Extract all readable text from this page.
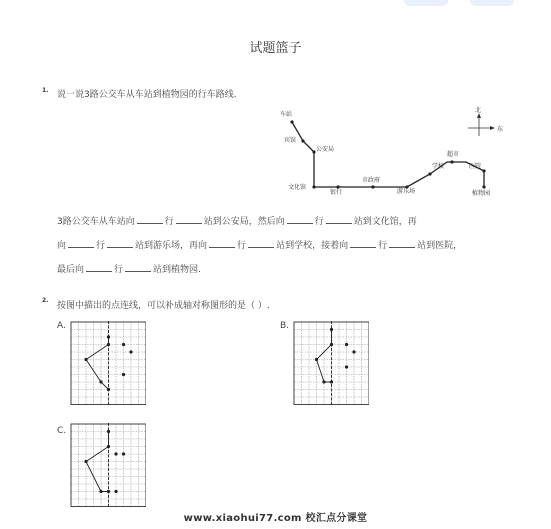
试题篮子
1. 说一说3路公交车从车站到植物园的行车路线.
北
东
车站
宾馆
公安局
文化馆
银行
市政府
游乐场
学校
超市
医院
植物园
3路公交车从车站向	行	站到公安局，然后向	行	站到文化馆，再
向	行	站到游乐场，再向	行	站到学校，接着向	行	站到医院，
最后向	行	站到植物园.
2.
按图中描出的点连线，可以补成轴对称图形的是（ ）.
A.	B.
C.
www.xiaohui77.com 校汇点分课堂
